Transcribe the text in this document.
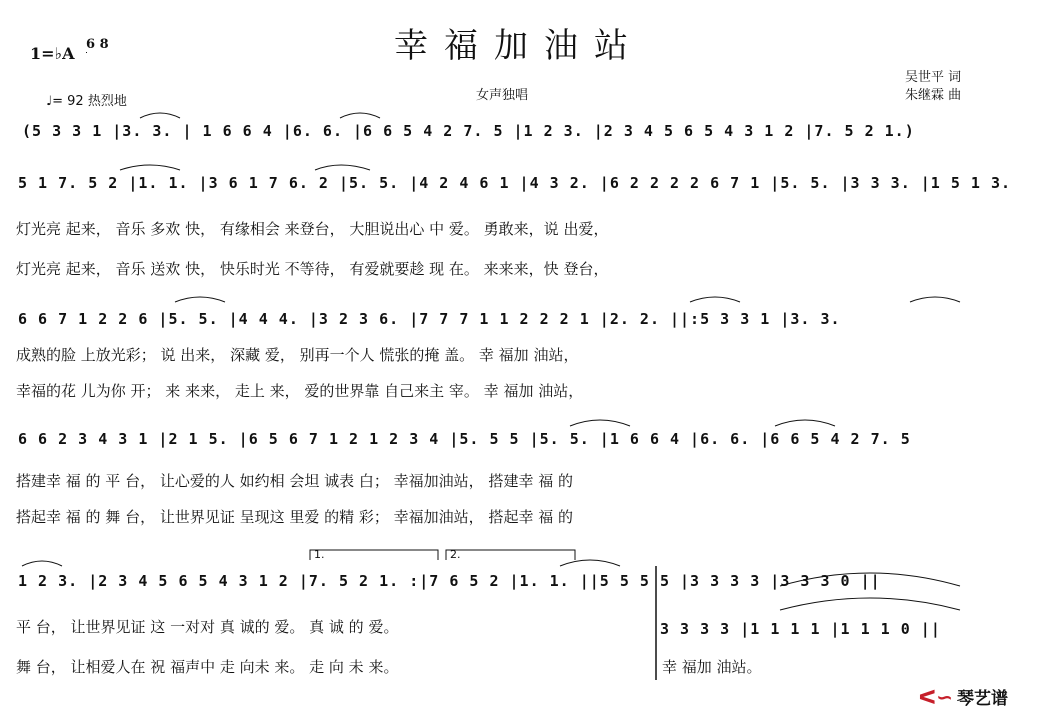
幸福加油站
1=♭A 6 8
♩= 92 热烈地	女声独唱
吴世平 词
朱继霖 曲
(5 3 3 1 |3. 3. | 1 6 6 4 |6. 6. |6 6 5 4 2 7. 5 |1 2 3. |2 3 4 5 6 5 4 3 1 2 |7. 5 2 1.)
5 1 7. 5 2 |1. 1. |3 6 1 7 6. 2 |5. 5. |4 2 4 6 1 |4 3 2. |6 2 2 2 2 6 7 1 |5. 5. |3 3 3. |1 5 1 3.
灯光亮 起来， 音乐 多欢 快， 有缘相会 来登台， 大胆说出心 中 爱。 勇敢来，说 出爱，
灯光亮 起来， 音乐 送欢 快， 快乐时光 不等待， 有爱就要趁 现 在。 来来来，快 登台，
6 6 7 1 2 2 6 |5. 5. |4 4 4. |3 2 3 6. |7 7 7 1 1 2 2 2 1 |2. 2. ||:5 3 3 1 |3. 3.
成熟的脸 上放光彩； 说 出来， 深藏 爱， 别再一个人 慌张的掩 盖。 幸 福加 油站，
幸福的花 儿为你 开； 来 来来， 走上 来， 爱的世界靠 自己来主 宰。 幸 福加 油站，
6 6 2 3 4 3 1 |2 1 5. |6 5 6 7 1 2 1 2 3 4 |5. 5 5 |5. 5. |1 6 6 4 |6. 6. |6 6 5 4 2 7. 5
搭建幸 福 的 平 台， 让心爱的人 如约相 会坦 诚表 白； 幸福加油站， 搭建幸 福 的
搭起幸 福 的 舞 台， 让世界见证 呈现这 里爱 的精 彩； 幸福加油站， 搭起幸 福 的
1.	2.
1 2 3. |2 3 4 5 6 5 4 3 1 2 |7. 5 2 1. :|7 6 5 2 |1. 1. ||5 5 5 5 |3 3 3 3 |3 3 3 0 ||
3 3 3 3 |1 1 1 1 |1 1 1 0 ||
平 台， 让世界见证 这 一对对 真 诚的 爱。 真 诚 的 爱。
舞 台， 让相爱人在 祝 福声中 走 向未 来。 走 向 未 来。	幸 福加 油站。
ᐸ∽ 琴艺谱
